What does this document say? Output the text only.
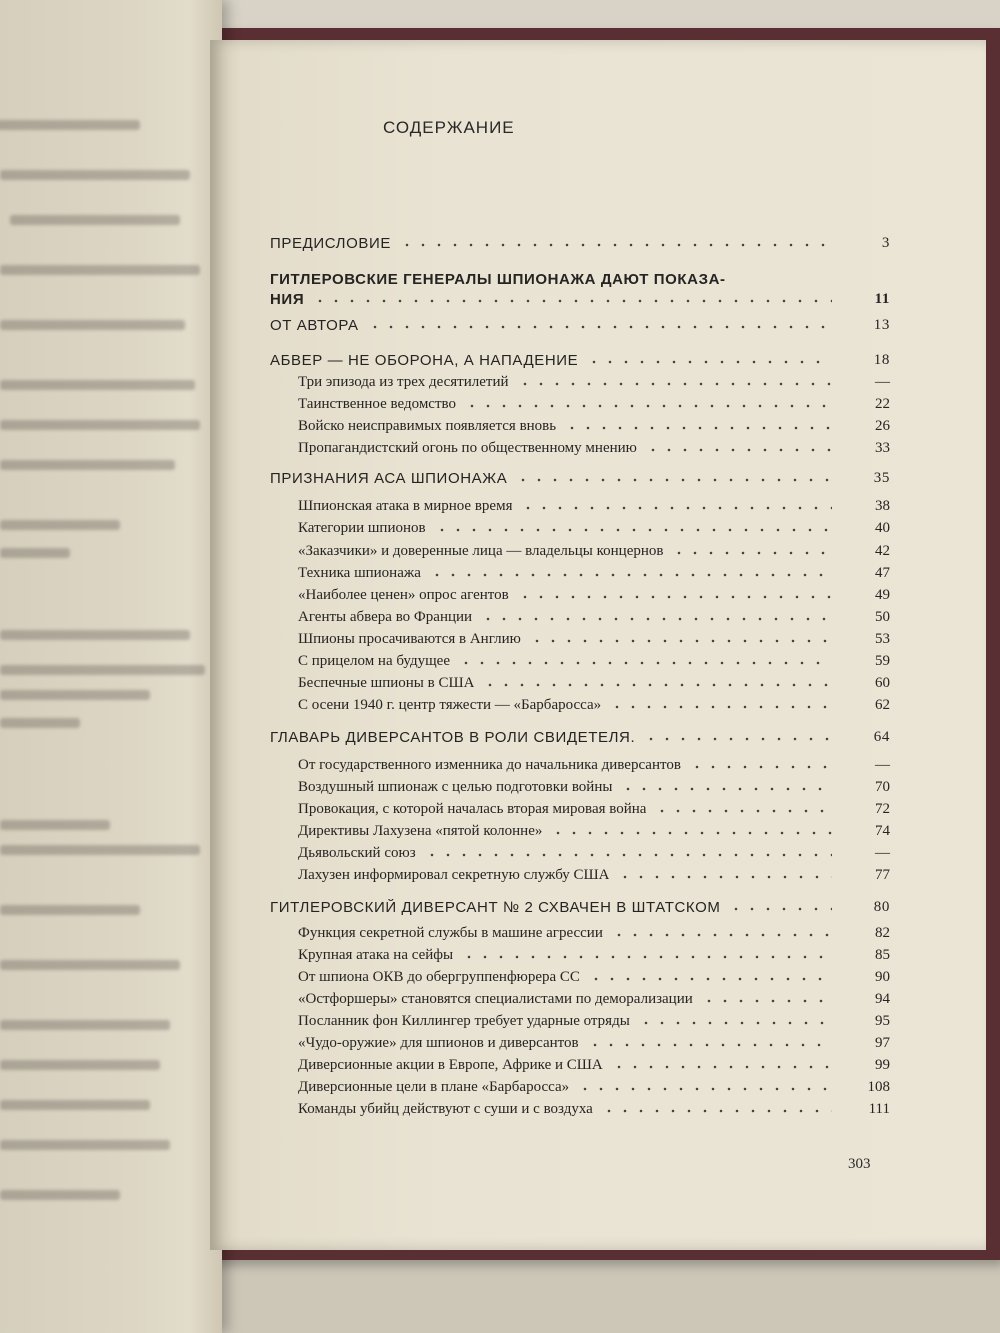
СОДЕРЖАНИЕ
ПРЕДИСЛОВИЕ	3
ГИТЛЕРОВСКИЕ ГЕНЕРАЛЫ ШПИОНАЖА ДАЮТ ПОКАЗА-
НИЯ	11
ОТ АВТОРА	13
АБВЕР — НЕ ОБОРОНА, А НАПАДЕНИЕ	18
Три эпизода из трех десятилетий	—
Таинственное ведомство	22
Войско неисправимых появляется вновь	26
Пропагандистский огонь по общественному мнению	33
ПРИЗНАНИЯ АСА ШПИОНАЖА	35
Шпионская атака в мирное время	38
Категории шпионов	40
«Заказчики» и доверенные лица — владельцы концернов	42
Техника шпионажа	47
«Наиболее ценен» опрос агентов	49
Агенты абвера во Франции	50
Шпионы просачиваются в Англию	53
С прицелом на будущее	59
Беспечные шпионы в США	60
С осени 1940 г. центр тяжести — «Барбаросса»	62
ГЛАВАРЬ ДИВЕРСАНТОВ В РОЛИ СВИДЕТЕЛЯ.	64
От государственного изменника до начальника диверсантов	—
Воздушный шпионаж с целью подготовки войны	70
Провокация, с которой началась вторая мировая война	72
Директивы Лахузена «пятой колонне»	74
Дьявольский союз	—
Лахузен информировал секретную службу США	77
ГИТЛЕРОВСКИЙ ДИВЕРСАНТ № 2 СХВАЧЕН В ШТАТСКОМ	80
Функция секретной службы в машине агрессии	82
Крупная атака на сейфы	85
От шпиона ОКВ до обергруппенфюрера СС	90
«Остфоршеры» становятся специалистами по деморализации	94
Посланник фон Киллингер требует ударные отряды	95
«Чудо-оружие» для шпионов и диверсантов	97
Диверсионные акции в Европе, Африке и США	99
Диверсионные цели в плане «Барбаросса»	108
Команды убийц действуют с суши и с воздуха	111
303
